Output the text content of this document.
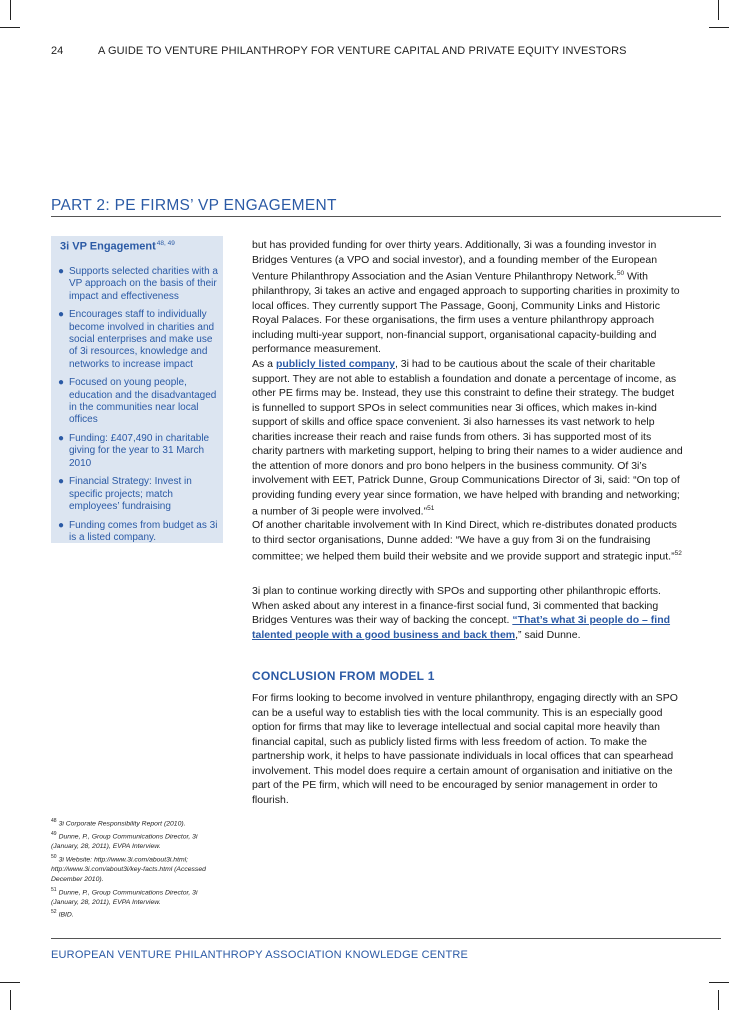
24	A GUIDE TO VENTURE PHILANTHROPY FOR VENTURE CAPITAL AND PRIVATE EQUITY INVESTORS
PART 2: PE FIRMS’ VP ENGAGEMENT
3i VP Engagement$^{48, 49}$
● Supports selected charities with a VP approach on the basis of their impact and effectiveness
● Encourages staff to individually become involved in charities and social enterprises and make use of 3i resources, knowledge and networks to increase impact
● Focused on young people, education and the disadvantaged in the communities near local offices
● Funding: £407,490 in charitable giving for the year to 31 March 2010
● Financial Strategy: Invest in specific projects; match employees’ fundraising
● Funding comes from budget as 3i is a listed company.

but has provided funding for over thirty years. Additionally, 3i was a founding investor in Bridges Ventures (a VPO and social investor), and a founding member of the European Venture Philanthropy Association and the Asian Venture Philanthropy Network.$^{50}$ With philanthropy, 3i takes an active and engaged approach to supporting charities in proximity to local offices. They currently support The Passage, Goonj, Community Links and Historic Royal Palaces. For these organisations, the firm uses a venture philanthropy approach including multi-year support, non-financial support, organisational capacity-building and performance measurement.

As a publicly listed company, 3i had to be cautious about the scale of their charitable support. They are not able to establish a foundation and donate a percentage of income, as other PE firms may be. Instead, they use this constraint to define their strategy. The budget is funnelled to support SPOs in select communities near 3i offices, which makes in-kind support of skills and office space convenient. 3i also harnesses its vast network to help charities increase their reach and raise funds from others. 3i has supported most of its charity partners with marketing support, helping to bring their names to a wider audience and the attention of more donors and pro bono helpers in the business community. Of 3i’s involvement with EET, Patrick Dunne, Group Communications Director of 3i, said: “On top of providing funding every year since formation, we have helped with branding and networking; a number of 3i people were involved.”$^{51}$

Of another charitable involvement with In Kind Direct, which re-distributes donated products to third sector organisations, Dunne added: “We have a guy from 3i on the fundraising committee; we helped them build their website and we provide support and strategic input.”$^{52}$

3i plan to continue working directly with SPOs and supporting other philanthropic efforts. When asked about any interest in a finance-first social fund, 3i commented that backing Bridges Ventures was their way of backing the concept. “That’s what 3i people do – find talented people with a good business and back them,” said Dunne.

CONCLUSION FROM MODEL 1

For firms looking to become involved in venture philanthropy, engaging directly with an SPO can be a useful way to establish ties with the local community. This is an especially good option for firms that may like to leverage intellectual and social capital more heavily than financial capital, such as publicly listed firms with less freedom of action. To make the partnership work, it helps to have passionate individuals in local offices that can spearhead involvement. This model does require a certain amount of organisation and initiative on the part of the PE firm, which will need to be encouraged by senior management in order to flourish.

$^{48}$ 3i Corporate Responsibility Report (2010).
$^{49}$ Dunne, P., Group Communications Director, 3i (January, 28, 2011), EVPA Interview.
$^{50}$ 3i Website: http://www.3i.com/about3i.html; http://www.3i.com/about3i/key-facts.html (Accessed December 2010).
$^{51}$ Dunne, P., Group Communications Director, 3i (January, 28, 2011), EVPA Interview.
$^{52}$ IBID.
EUROPEAN VENTURE PHILANTHROPY ASSOCIATION KNOWLEDGE CENTRE
